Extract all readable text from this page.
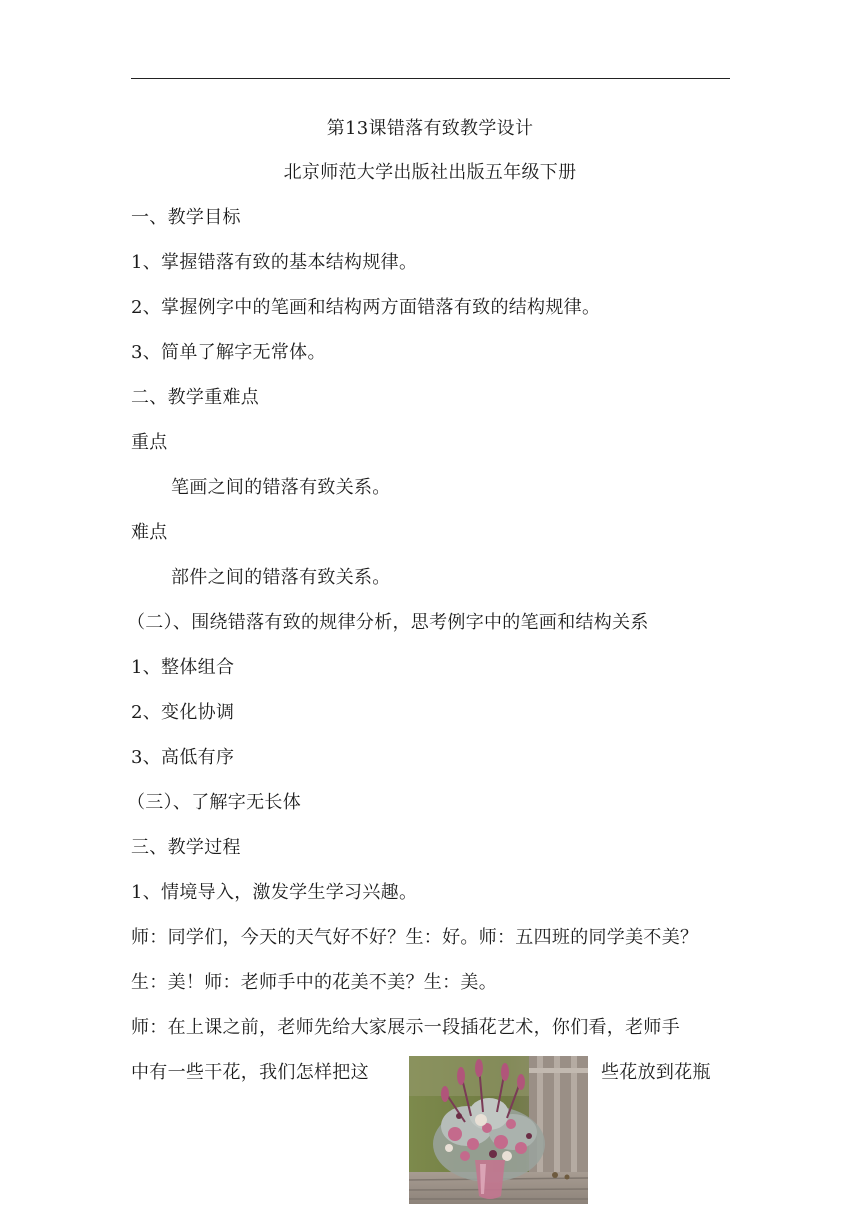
第13课错落有致教学设计
北京师范大学出版社出版五年级下册
一、教学目标
1、掌握错落有致的基本结构规律。
2、掌握例字中的笔画和结构两方面错落有致的结构规律。
3、简单了解字无常体。
二、教学重难点
重点
笔画之间的错落有致关系。
难点
部件之间的错落有致关系。
（二）、围绕错落有致的规律分析，思考例字中的笔画和结构关系
1、整体组合
2、变化协调
3、高低有序
（三）、了解字无长体
三、教学过程
1、情境导入，激发学生学习兴趣。
师：同学们，今天的天气好不好？生：好。师：五四班的同学美不美？
生：美！师：老师手中的花美不美？生：美。
师：在上课之前，老师先给大家展示一段插花艺术，你们看，老师手
中有一些干花，我们怎样把这	些花放到花瓶
